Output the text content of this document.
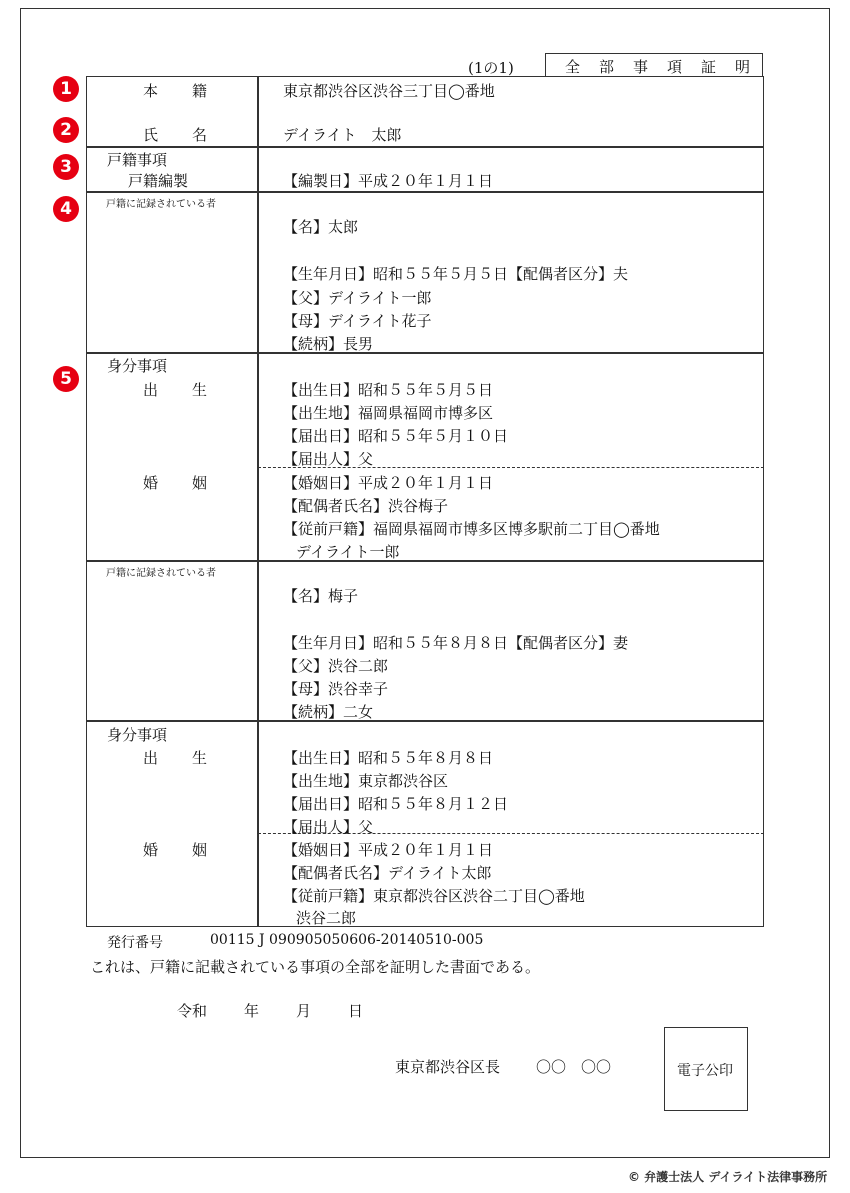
(1の1)	全 部 事 項 証 明
1
2
3
4
5
本 籍	東京都渋谷区渋谷三丁目◯番地
氏 名	デイライト　太郎
戸籍事項
戸籍編製	【編製日】平成２０年１月１日
戸籍に記録されている者
【名】太郎
【生年月日】昭和５５年５月５日【配偶者区分】夫
【父】デイライト一郎
【母】デイライト花子
【続柄】長男
身分事項
出 生	【出生日】昭和５５年５月５日
【出生地】福岡県福岡市博多区
【届出日】昭和５５年５月１０日
【届出人】父
婚 姻	【婚姻日】平成２０年１月１日
【配偶者氏名】渋谷梅子
【従前戸籍】福岡県福岡市博多区博多駅前二丁目◯番地
デイライト一郎
戸籍に記録されている者
【名】梅子
【生年月日】昭和５５年８月８日【配偶者区分】妻
【父】渋谷二郎
【母】渋谷幸子
【続柄】二女
身分事項
出 生	【出生日】昭和５５年８月８日
【出生地】東京都渋谷区
【届出日】昭和５５年８月１２日
【届出人】父
婚 姻	【婚姻日】平成２０年１月１日
【配偶者氏名】デイライト太郎
【従前戸籍】東京都渋谷区渋谷二丁目◯番地
渋谷二郎
発行番号	00115 J 090905050606-20140510-005
これは、戸籍に記載されている事項の全部を証明した書面である。
令和 年 月 日
東京都渋谷区長 〇〇　〇〇	電子公印
© 弁護士法人 デイライト法律事務所
